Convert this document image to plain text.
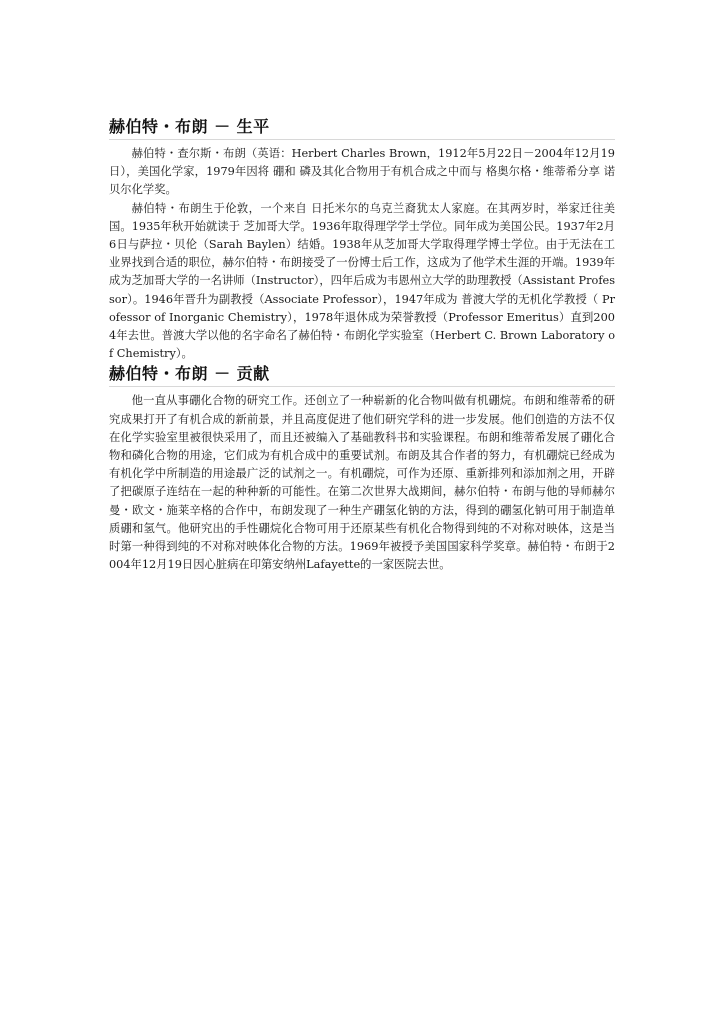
赫伯特・布朗 － 生平

赫伯特・查尔斯・布朗（英语：Herbert Charles Brown，1912年5月22日－2004年12月19日），美国化学家，1979年因将 硼和 磷及其化合物用于有机合成之中而与 格奥尔格・维蒂希分享 诺贝尔化学奖。

赫伯特・布朗生于伦敦，一个来自 日托米尔的乌克兰裔犹太人家庭。在其两岁时，举家迁往美国。1935年秋开始就读于 芝加哥大学。1936年取得理学学士学位。同年成为美国公民。1937年2月6日与萨拉・贝伦（Sarah Baylen）结婚。1938年从芝加哥大学取得理学博士学位。由于无法在工业界找到合适的职位，赫尔伯特・布朗接受了一份博士后工作，这成为了他学术生涯的开端。1939年成为芝加哥大学的一名讲师（Instructor），四年后成为韦恩州立大学的助理教授（Assistant Professor）。1946年晋升为副教授（Associate Professor），1947年成为 普渡大学的无机化学教授（ Professor of Inorganic Chemistry），1978年退休成为荣誉教授（Professor Emeritus）直到2004年去世。普渡大学以他的名字命名了赫伯特・布朗化学实验室（Herbert C. Brown Laboratory of Chemistry）。

赫伯特・布朗 － 贡献

他一直从事硼化合物的研究工作。还创立了一种崭新的化合物叫做有机硼烷。布朗和维蒂希的研究成果打开了有机合成的新前景，并且高度促进了他们研究学科的进一步发展。他们创造的方法不仅在化学实验室里被很快采用了，而且还被编入了基础教科书和实验课程。布朗和维蒂希发展了硼化合物和磷化合物的用途，它们成为有机合成中的重要试剂。布朗及其合作者的努力，有机硼烷已经成为有机化学中所制造的用途最广泛的试剂之一。有机硼烷，可作为还原、重新排列和添加剂之用，开辟了把碳原子连结在一起的种种新的可能性。在第二次世界大战期间，赫尔伯特・布朗与他的导师赫尔曼・欧文・施莱辛格的合作中，布朗发现了一种生产硼氢化钠的方法，得到的硼氢化钠可用于制造单质硼和氢气。他研究出的手性硼烷化合物可用于还原某些有机化合物得到纯的不对称对映体，这是当时第一种得到纯的不对称对映体化合物的方法。1969年被授予美国国家科学奖章。赫伯特・布朗于2004年12月19日因心脏病在印第安纳州Lafayette的一家医院去世。
